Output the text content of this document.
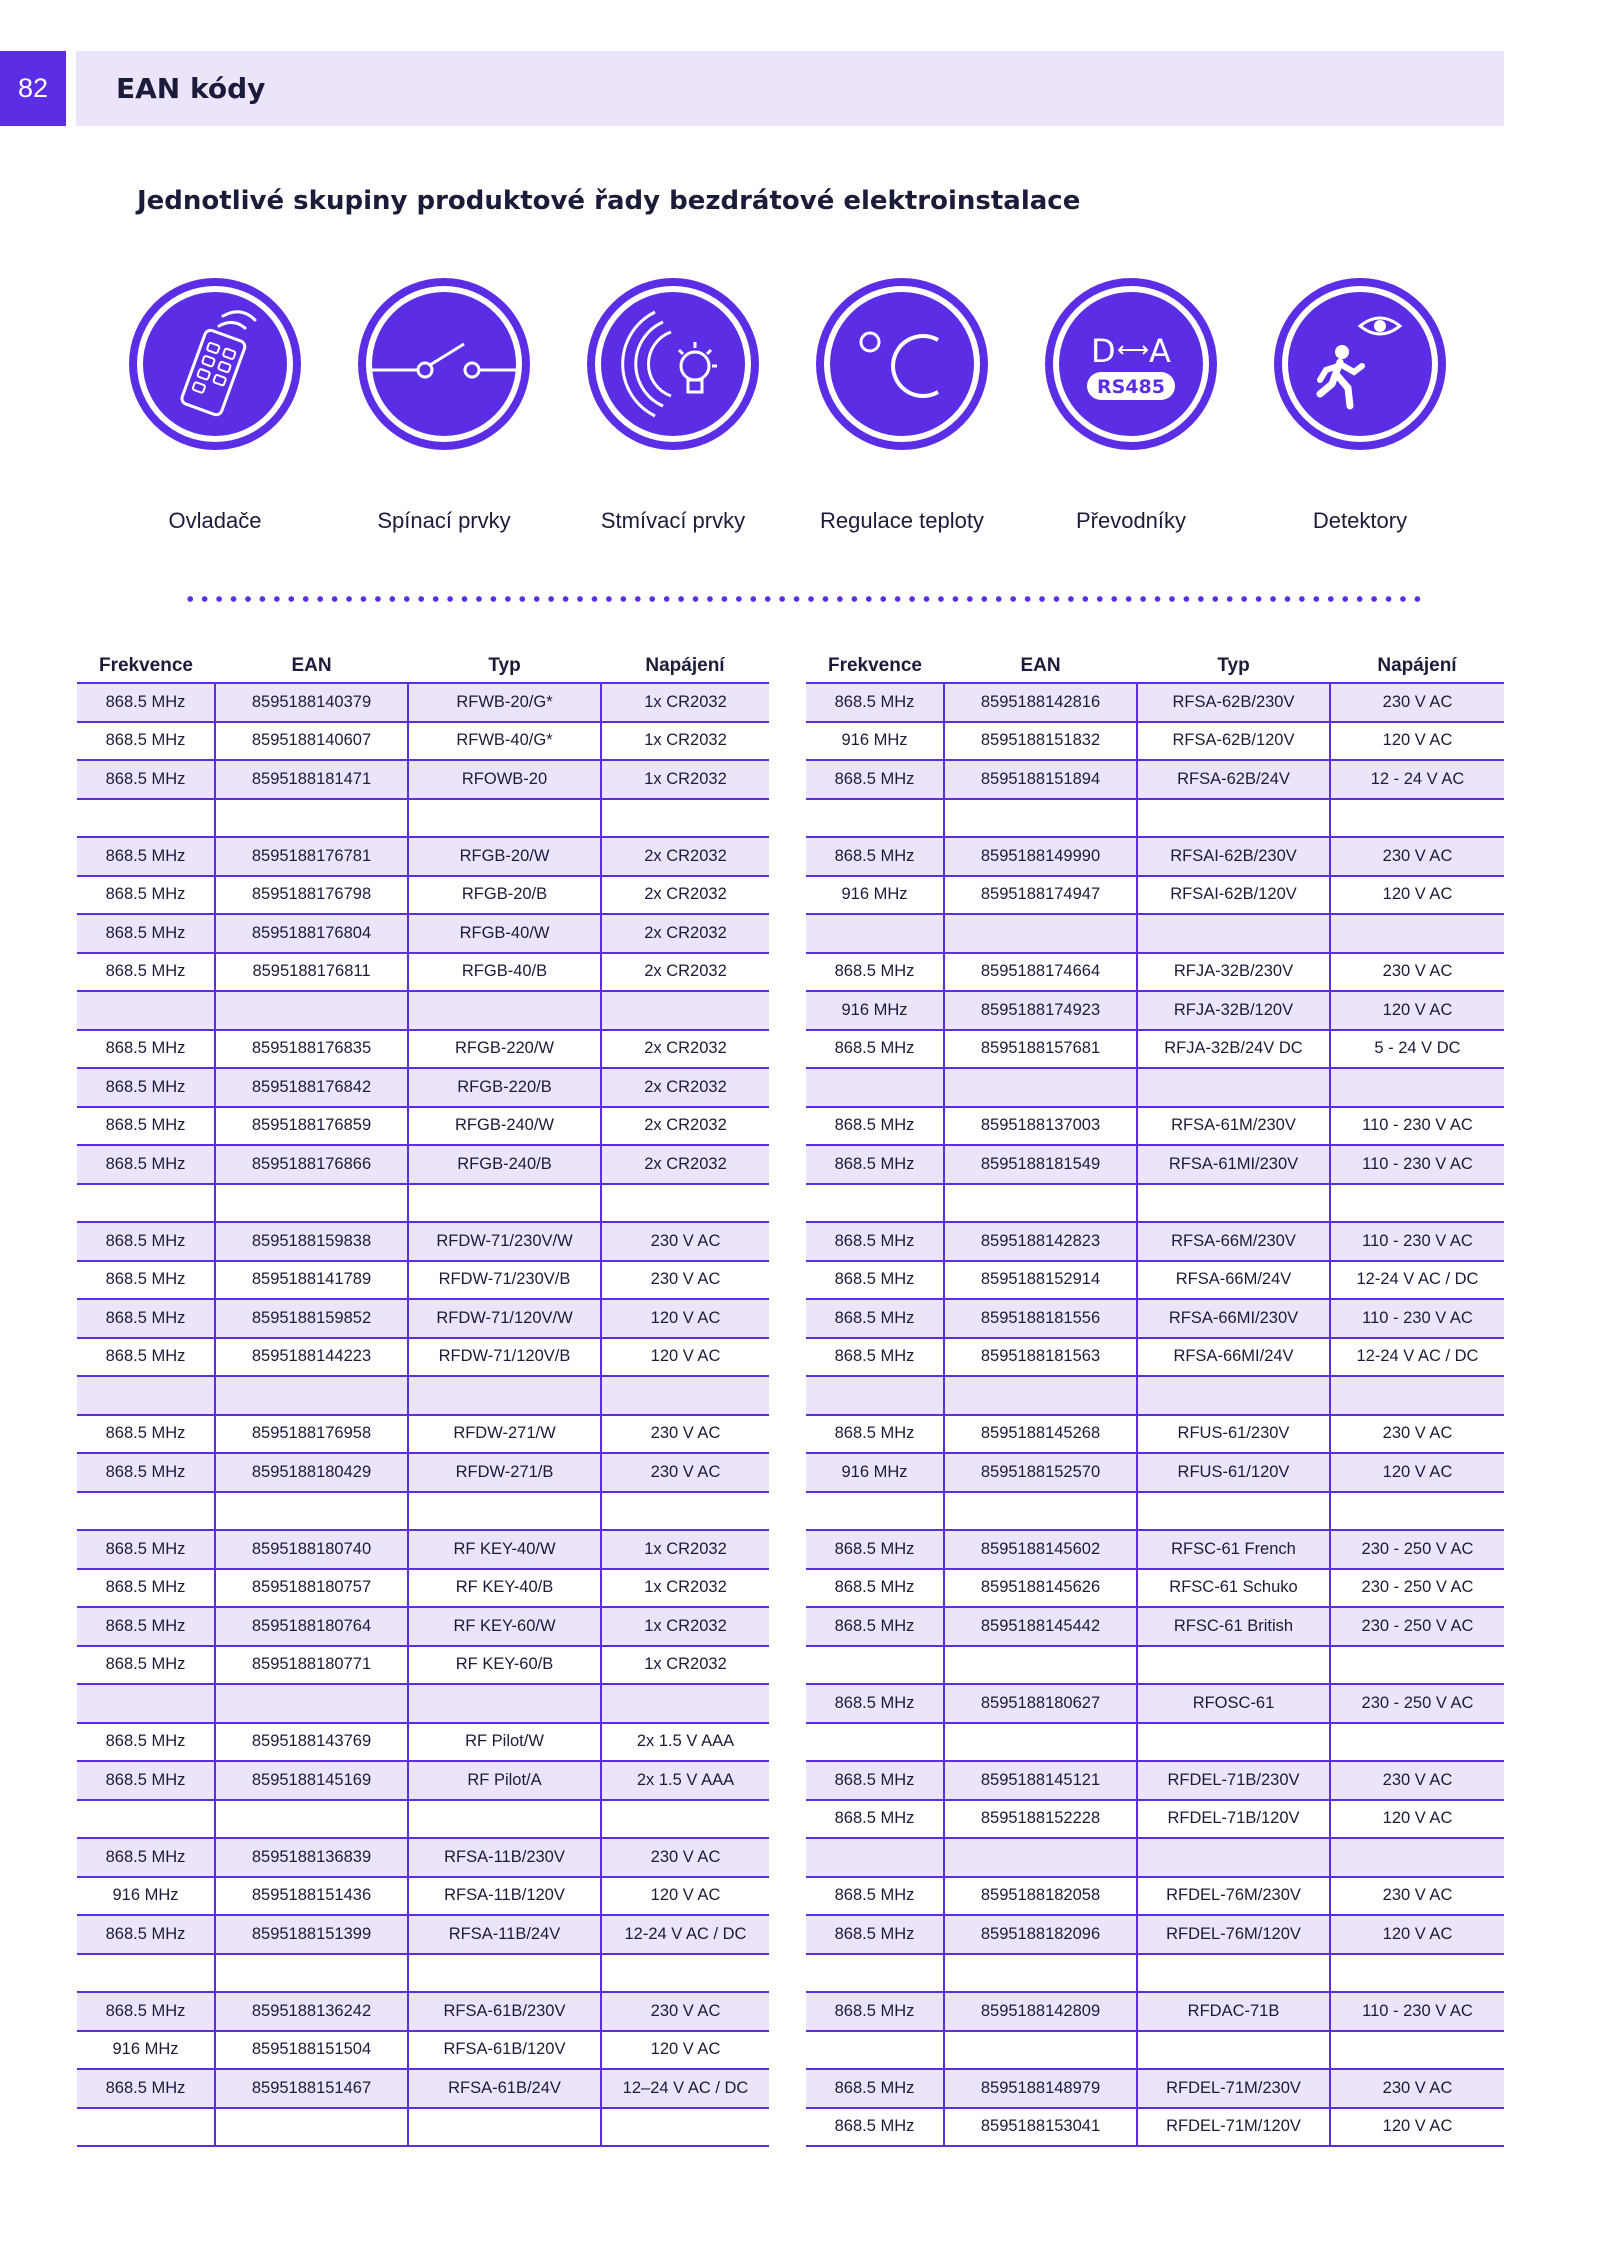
82	EAN kódy
Jednotlivé skupiny produktové řady bezdrátové elektroinstalace
Ovladače	Spínací prvky	Stmívací prvky	Regulace teploty
D A
RS485
Převodníky	Detektory
Frekvence	EAN	Typ	Napájení
868.5 MHz	8595188140379	RFWB-20/G*	1x CR2032
868.5 MHz	8595188140607	RFWB-40/G*	1x CR2032
868.5 MHz	8595188181471	RFOWB-20	1x CR2032

868.5 MHz	8595188176781	RFGB-20/W	2x CR2032
868.5 MHz	8595188176798	RFGB-20/B	2x CR2032
868.5 MHz	8595188176804	RFGB-40/W	2x CR2032
868.5 MHz	8595188176811	RFGB-40/B	2x CR2032

868.5 MHz	8595188176835	RFGB-220/W	2x CR2032
868.5 MHz	8595188176842	RFGB-220/B	2x CR2032
868.5 MHz	8595188176859	RFGB-240/W	2x CR2032
868.5 MHz	8595188176866	RFGB-240/B	2x CR2032

868.5 MHz	8595188159838	RFDW-71/230V/W	230 V AC
868.5 MHz	8595188141789	RFDW-71/230V/B	230 V AC
868.5 MHz	8595188159852	RFDW-71/120V/W	120 V AC
868.5 MHz	8595188144223	RFDW-71/120V/B	120 V AC

868.5 MHz	8595188176958	RFDW-271/W	230 V AC
868.5 MHz	8595188180429	RFDW-271/B	230 V AC

868.5 MHz	8595188180740	RF KEY-40/W	1x CR2032
868.5 MHz	8595188180757	RF KEY-40/B	1x CR2032
868.5 MHz	8595188180764	RF KEY-60/W	1x CR2032
868.5 MHz	8595188180771	RF KEY-60/B	1x CR2032

868.5 MHz	8595188143769	RF Pilot/W	2x 1.5 V AAA
868.5 MHz	8595188145169	RF Pilot/A	2x 1.5 V AAA

868.5 MHz	8595188136839	RFSA-11B/230V	230 V AC
916 MHz	8595188151436	RFSA-11B/120V	120 V AC
868.5 MHz	8595188151399	RFSA-11B/24V	12-24 V AC / DC

868.5 MHz	8595188136242	RFSA-61B/230V	230 V AC
916 MHz	8595188151504	RFSA-61B/120V	120 V AC
868.5 MHz	8595188151467	RFSA-61B/24V	12–24 V AC / DC

Frekvence	EAN	Typ	Napájení
868.5 MHz	8595188142816	RFSA-62B/230V	230 V AC
916 MHz	8595188151832	RFSA-62B/120V	120 V AC
868.5 MHz	8595188151894	RFSA-62B/24V	12 - 24 V AC

868.5 MHz	8595188149990	RFSAI-62B/230V	230 V AC
916 MHz	8595188174947	RFSAI-62B/120V	120 V AC

868.5 MHz	8595188174664	RFJA-32B/230V	230 V AC
916 MHz	8595188174923	RFJA-32B/120V	120 V AC
868.5 MHz	8595188157681	RFJA-32B/24V DC	5 - 24 V DC

868.5 MHz	8595188137003	RFSA-61M/230V	110 - 230 V AC
868.5 MHz	8595188181549	RFSA-61MI/230V	110 - 230 V AC

868.5 MHz	8595188142823	RFSA-66M/230V	110 - 230 V AC
868.5 MHz	8595188152914	RFSA-66M/24V	12-24 V AC / DC
868.5 MHz	8595188181556	RFSA-66MI/230V	110 - 230 V AC
868.5 MHz	8595188181563	RFSA-66MI/24V	12-24 V AC / DC

868.5 MHz	8595188145268	RFUS-61/230V	230 V AC
916 MHz	8595188152570	RFUS-61/120V	120 V AC

868.5 MHz	8595188145602	RFSC-61 French	230 - 250 V AC
868.5 MHz	8595188145626	RFSC-61 Schuko	230 - 250 V AC
868.5 MHz	8595188145442	RFSC-61 British	230 - 250 V AC

868.5 MHz	8595188180627	RFOSC-61	230 - 250 V AC

868.5 MHz	8595188145121	RFDEL-71B/230V	230 V AC
868.5 MHz	8595188152228	RFDEL-71B/120V	120 V AC

868.5 MHz	8595188182058	RFDEL-76M/230V	230 V AC
868.5 MHz	8595188182096	RFDEL-76M/120V	120 V AC

868.5 MHz	8595188142809	RFDAC-71B	110 - 230 V AC

868.5 MHz	8595188148979	RFDEL-71M/230V	230 V AC
868.5 MHz	8595188153041	RFDEL-71M/120V	120 V AC
